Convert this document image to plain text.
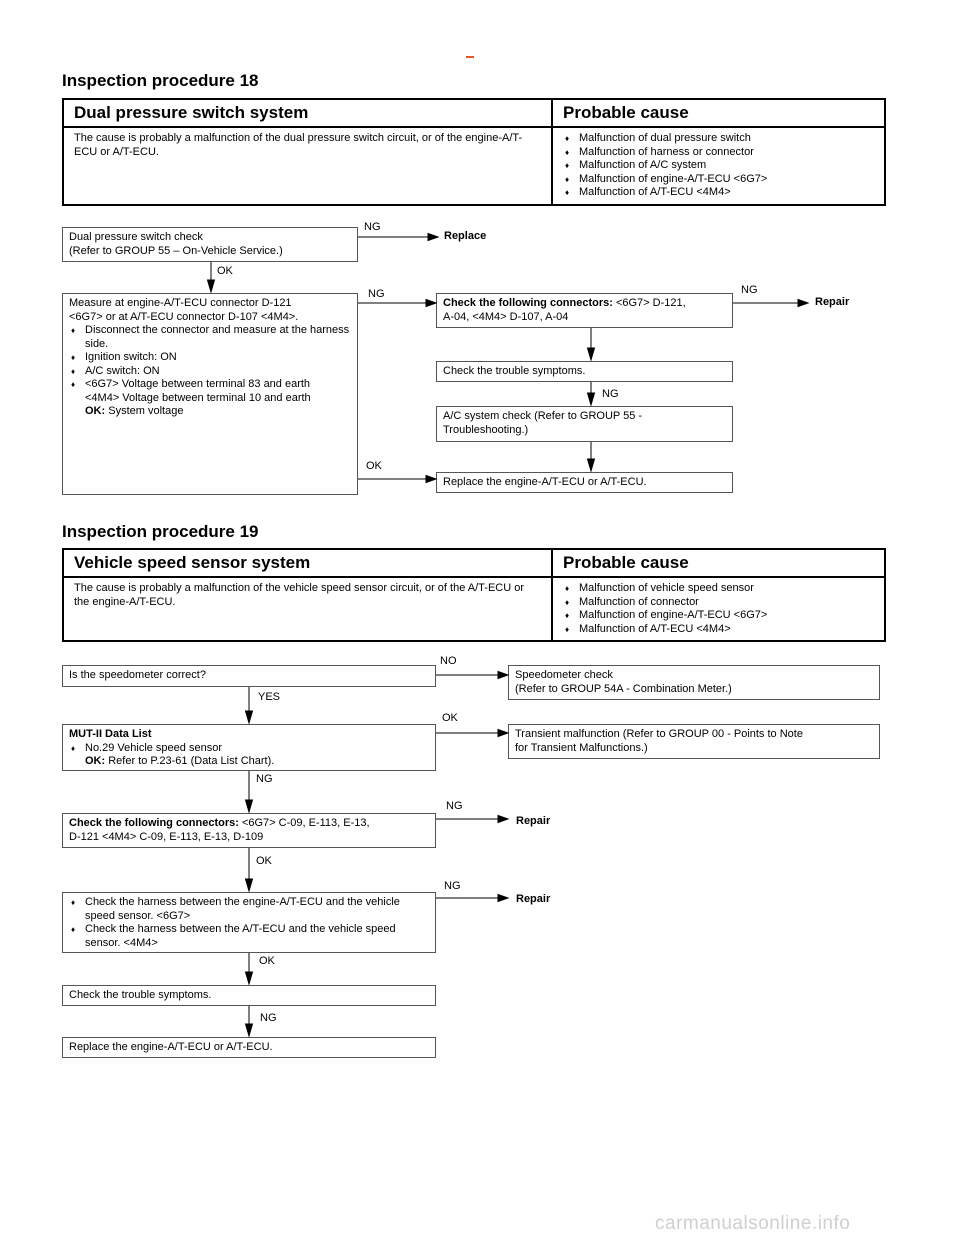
Inspection procedure 18
Dual pressure switch system	Probable cause
The cause is probably a malfunction of the dual pressure switch circuit, or of the engine-A/T-ECU or A/T-ECU.	♦ Malfunction of dual pressure switch
♦ Malfunction of harness or connector
♦ Malfunction of A/C system
♦ Malfunction of engine-A/T-ECU <6G7>
♦ Malfunction of A/T-ECU <4M4>
Dual pressure switch check
(Refer to GROUP 55 – On-Vehicle Service.)
NG
Replace
OK
Measure at engine-A/T-ECU connector D-121
<6G7> or at A/T-ECU connector D-107 <4M4>.
♦ Disconnect the connector and measure at the harness side.
♦ Ignition switch: ON
♦ A/C switch: ON
♦ <6G7> Voltage between terminal 83 and earth
<4M4> Voltage between terminal 10 and earth
OK: System voltage
NG
OK
Check the following connectors: <6G7> D-121,
A-04, <4M4> D-107, A-04
NG
Repair
Check the trouble symptoms.
NG
A/C system check (Refer to GROUP 55 -
Troubleshooting.)
Replace the engine-A/T-ECU or A/T-ECU.
Inspection procedure 19
Vehicle speed sensor system	Probable cause
The cause is probably a malfunction of the vehicle speed sensor circuit, or of the A/T-ECU or the engine-A/T-ECU.	♦ Malfunction of vehicle speed sensor
♦ Malfunction of connector
♦ Malfunction of engine-A/T-ECU <6G7>
♦ Malfunction of A/T-ECU <4M4>
Is the speedometer correct?
NO
Speedometer check
(Refer to GROUP 54A - Combination Meter.)
YES
MUT-II Data List
♦ No.29 Vehicle speed sensor
OK: Refer to P.23-61 (Data List Chart).
OK
Transient malfunction (Refer to GROUP 00 - Points to Note
for Transient Malfunctions.)
NG
Check the following connectors: <6G7> C-09, E-113, E-13,
D-121 <4M4> C-09, E-113, E-13, D-109
NG
Repair
OK
♦ Check the harness between the engine-A/T-ECU and the vehicle speed sensor. <6G7>
♦ Check the harness between the A/T-ECU and the vehicle speed sensor. <4M4>
NG
Repair
OK
Check the trouble symptoms.
NG
Replace the engine-A/T-ECU or A/T-ECU.
carmanualsonline.info
